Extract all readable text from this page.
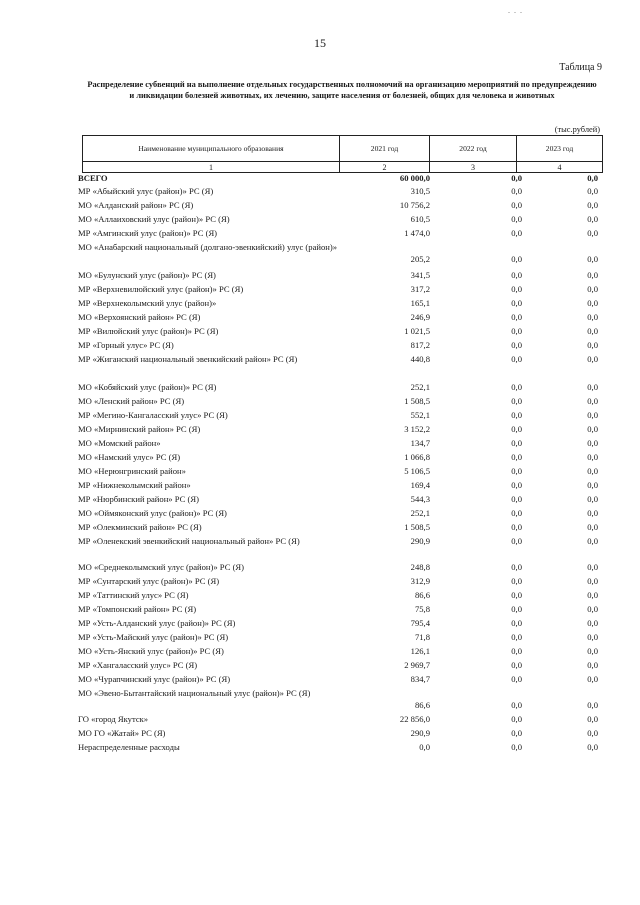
. . .
15
Таблица 9
Распределение субвенций на выполнение отдельных государственных полномочий на организацию мероприятий по предупреждению и ликвидации болезней животных, их лечению, защите населения от болезней, общих для человека и животных
(тыс.рублей)
Наименование муниципального образования	2021 год	2022 год	2023 год
1	2	3	4
ВСЕГО	60 000,0	0,0	0,0
МР «Абыйский улус (район)» РС (Я)	310,5	0,0	0,0
МО «Алданский район» РС (Я)	10 756,2	0,0	0,0
МО «Аллаиховский улус (район)» РС (Я)	610,5	0,0	0,0
МР «Амгинский улус (район)» РС (Я)	1 474,0	0,0	0,0
МО «Анабарский национальный (долгано-эвенкийский) улус (район)»
205,2	0,0	0,0
МО «Булунский улус (район)» РС (Я)	341,5	0,0	0,0
МР «Верхневилюйский улус (район)» РС (Я)	317,2	0,0	0,0
МР «Верхнеколымский улус (район)»	165,1	0,0	0,0
МО «Верхоянский район» РС (Я)	246,9	0,0	0,0
МР «Вилюйский улус (район)» РС (Я)	1 021,5	0,0	0,0
МР «Горный улус» РС (Я)	817,2	0,0	0,0
МР «Жиганский национальный эвенкийский район» РС (Я)	440,8	0,0	0,0
МО «Кобяйский улус (район)» РС (Я)	252,1	0,0	0,0
МО «Ленский район» РС (Я)	1 508,5	0,0	0,0
МР «Мегино-Кангаласский улус» РС (Я)	552,1	0,0	0,0
МО «Мирнинский район» РС (Я)	3 152,2	0,0	0,0
МО «Момский район»	134,7	0,0	0,0
МО «Намский улус» РС (Я)	1 066,8	0,0	0,0
МО «Нерюнгринский район»	5 106,5	0,0	0,0
МР «Нижнеколымский район»	169,4	0,0	0,0
МР «Нюрбинский район» РС (Я)	544,3	0,0	0,0
МО «Оймяконский улус (район)» РС (Я)	252,1	0,0	0,0
МР «Олекминский район» РС (Я)	1 508,5	0,0	0,0
МР «Оленекский эвенкийский национальный район» РС (Я)	290,9	0,0	0,0
МО «Среднеколымский улус (район)» РС (Я)	248,8	0,0	0,0
МР «Сунтарский улус (район)» РС (Я)	312,9	0,0	0,0
МР «Таттинский улус» РС (Я)	86,6	0,0	0,0
МР «Томпонский район» РС (Я)	75,8	0,0	0,0
МР «Усть-Алданский улус (район)» РС (Я)	795,4	0,0	0,0
МР «Усть-Майский улус (район)» РС (Я)	71,8	0,0	0,0
МО «Усть-Янский улус (район)» РС (Я)	126,1	0,0	0,0
МР «Хангаласский улус» РС (Я)	2 969,7	0,0	0,0
МО «Чурапчинский улус (район)» РС (Я)	834,7	0,0	0,0
МО «Эвено-Бытантайский национальный улус (район)» РС (Я)
86,6	0,0	0,0
ГО «город Якутск»	22 856,0	0,0	0,0
МО ГО «Жатай» РС (Я)	290,9	0,0	0,0
Нераспределенные расходы	0,0	0,0	0,0
